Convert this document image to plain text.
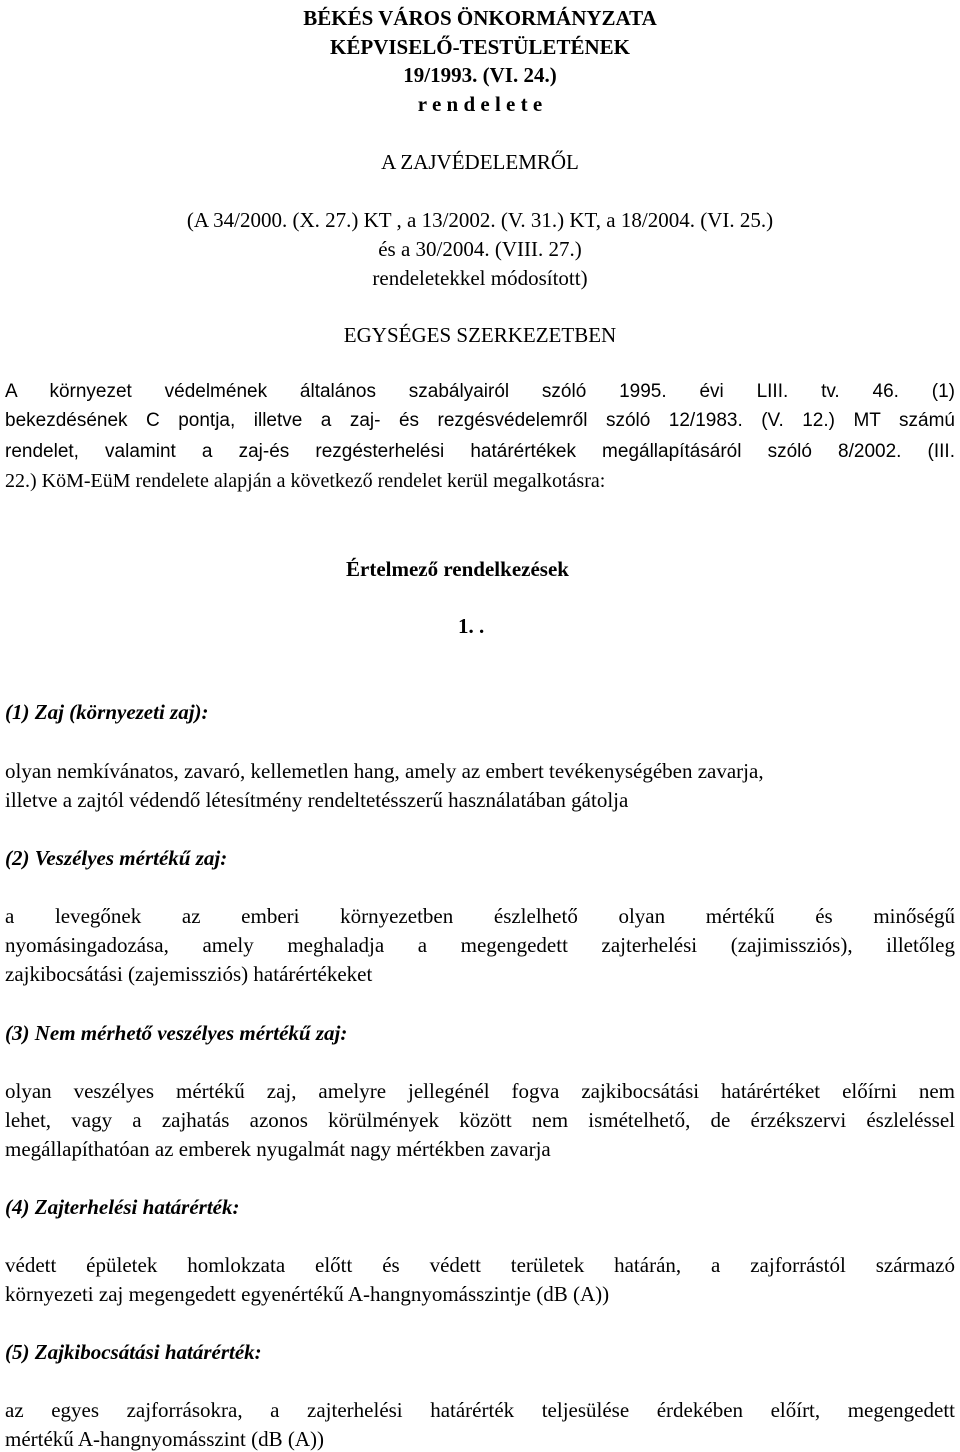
BÉKÉS VÁROS ÖNKORMÁNYZATA
KÉPVISELŐ-TESTÜLETÉNEK
19/1993. (VI. 24.)
r e n d e l e t e
A ZAJVÉDELEMRŐL
(A 34/2000. (X. 27.) KT , a 13/2002. (V. 31.) KT, a 18/2004. (VI. 25.)
és a 30/2004. (VIII. 27.)
rendeletekkel módosított)
EGYSÉGES SZERKEZETBEN
A környezet védelmének általános szabályairól szóló 1995. évi LIII. tv. 46. (1)
bekezdésének C pontja, illetve a zaj- és rezgésvédelemről szóló 12/1983. (V. 12.) MT számú
rendelet, valamint a zaj-és rezgésterhelési határértékek megállapításáról szóló 8/2002. (III.
22.) KöM-EüM rendelete alapján a következő rendelet kerül megalkotásra:
Értelmező rendelkezések
1. .
(1) Zaj (környezeti zaj):
olyan nemkívánatos, zavaró, kellemetlen hang, amely az embert tevékenységében zavarja,
illetve a zajtól védendő létesítmény rendeltetésszerű használatában gátolja
(2) Veszélyes mértékű zaj:
a levegőnek az emberi környezetben észlelhető olyan mértékű és minőségű
nyomásingadozása, amely meghaladja a megengedett zajterhelési (zajimissziós), illetőleg
zajkibocsátási (zajemissziós) határértékeket
(3) Nem mérhető veszélyes mértékű zaj:
olyan veszélyes mértékű zaj, amelyre jellegénél fogva zajkibocsátási határértéket előírni nem
lehet, vagy a zajhatás azonos körülmények között nem ismételhető, de érzékszervi észleléssel
megállapíthatóan az emberek nyugalmát nagy mértékben zavarja
(4) Zajterhelési határérték:
védett épületek homlokzata előtt és védett területek határán, a zajforrástól származó
környezeti zaj megengedett egyenértékű A-hangnyomásszintje (dB (A))
(5) Zajkibocsátási határérték:
az egyes zajforrásokra, a zajterhelési határérték teljesülése érdekében előírt, megengedett
mértékű A-hangnyomásszint (dB (A))
